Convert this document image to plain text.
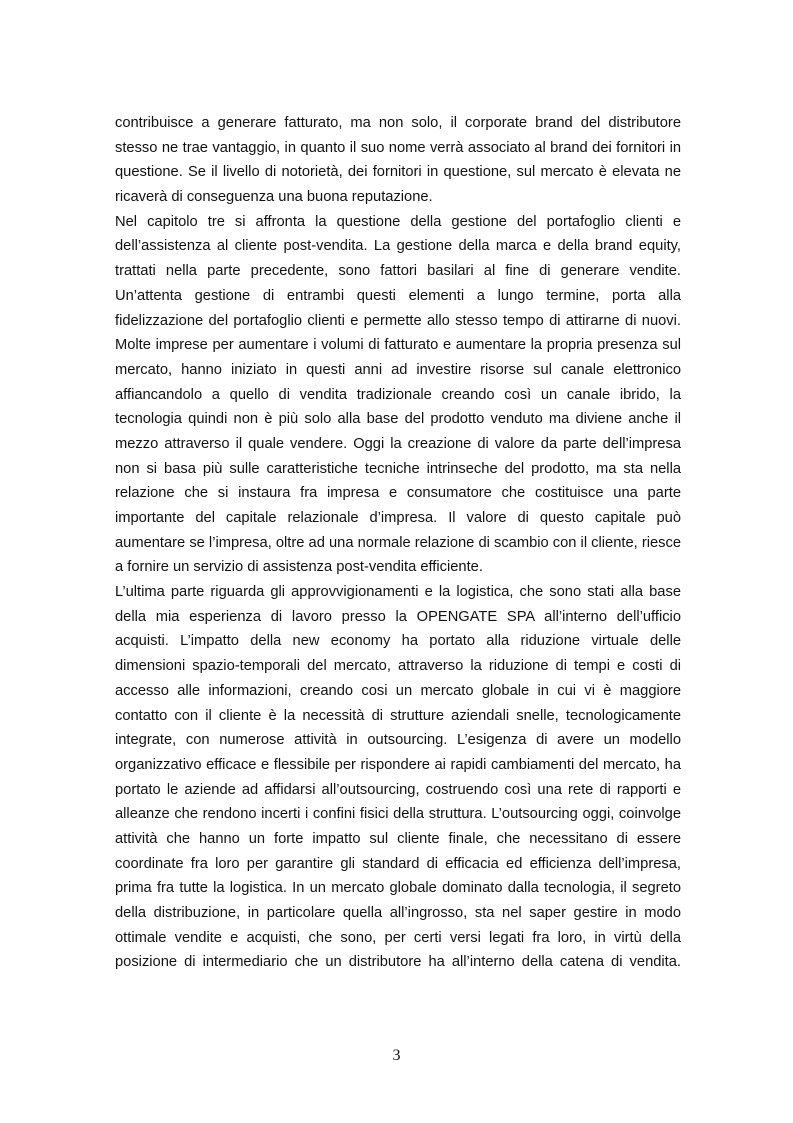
contribuisce a generare fatturato, ma non solo, il corporate brand del distributore
stesso ne trae vantaggio, in quanto il suo nome verrà associato al brand dei fornitori in
questione. Se il livello di notorietà, dei fornitori in questione, sul mercato è elevata ne
ricaverà di conseguenza una buona reputazione.
Nel capitolo tre si affronta la questione della gestione del portafoglio clienti e
dell’assistenza al cliente post-vendita. La gestione della marca e della brand equity,
trattati nella parte precedente, sono fattori basilari al fine di generare vendite.
Un’attenta gestione di entrambi questi elementi a lungo termine, porta alla
fidelizzazione del portafoglio clienti e permette allo stesso tempo di attirarne di nuovi.
Molte imprese per aumentare i volumi di fatturato e aumentare la propria presenza sul
mercato, hanno iniziato in questi anni ad investire risorse sul canale elettronico
affiancandolo a quello di vendita tradizionale creando così un canale ibrido, la
tecnologia quindi non è più solo alla base del prodotto venduto ma diviene anche il
mezzo attraverso il quale vendere. Oggi la creazione di valore da parte dell’impresa
non si basa più sulle caratteristiche tecniche intrinseche del prodotto, ma sta nella
relazione che si instaura fra impresa e consumatore che costituisce una parte
importante del capitale relazionale d’impresa. Il valore di questo capitale può
aumentare se l’impresa, oltre ad una normale relazione di scambio con il cliente, riesce
a fornire un servizio di assistenza post-vendita efficiente.
L’ultima parte riguarda gli approvvigionamenti e la logistica, che sono stati alla base
della mia esperienza di lavoro presso la OPENGATE SPA all’interno dell’ufficio
acquisti. L’impatto della new economy ha portato alla riduzione virtuale delle
dimensioni spazio-temporali del mercato, attraverso la riduzione di tempi e costi di
accesso alle informazioni, creando cosi un mercato globale in cui vi è maggiore
contatto con il cliente è la necessità di strutture aziendali snelle, tecnologicamente
integrate, con numerose attività in outsourcing. L’esigenza di avere un modello
organizzativo efficace e flessibile per rispondere ai rapidi cambiamenti del mercato, ha
portato le aziende ad affidarsi all’outsourcing, costruendo così una rete di rapporti e
alleanze che rendono incerti i confini fisici della struttura. L’outsourcing oggi, coinvolge
attività che hanno un forte impatto sul cliente finale, che necessitano di essere
coordinate fra loro per garantire gli standard di efficacia ed efficienza dell’impresa,
prima fra tutte la logistica. In un mercato globale dominato dalla tecnologia, il segreto
della distribuzione, in particolare quella all’ingrosso, sta nel saper gestire in modo
ottimale vendite e acquisti, che sono, per certi versi legati fra loro, in virtù della
posizione di intermediario che un distributore ha all’interno della catena di vendita.
3
